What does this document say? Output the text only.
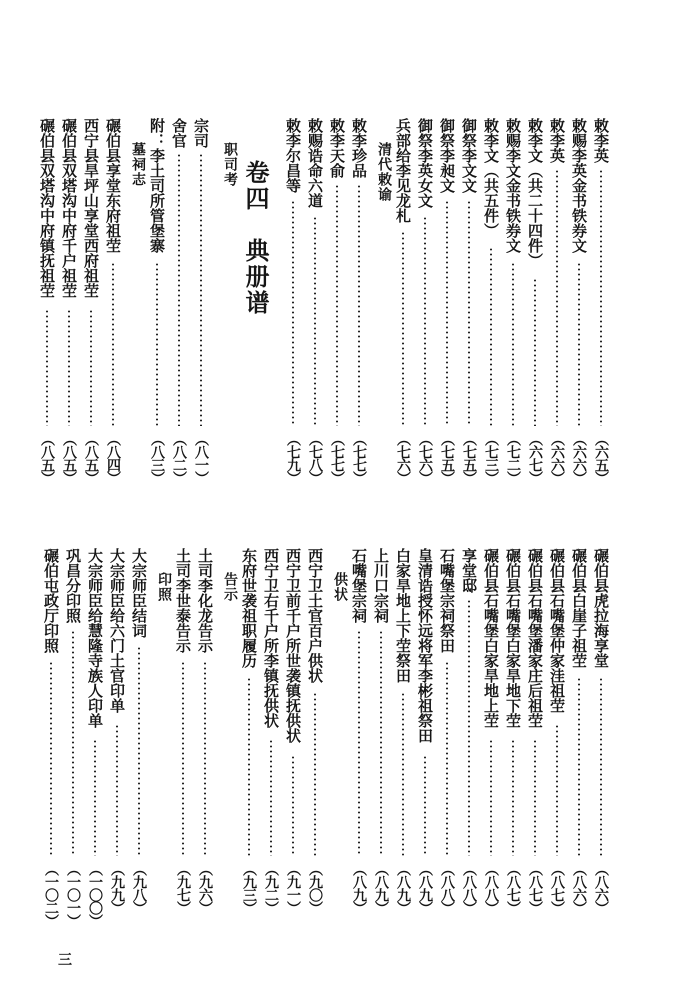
敕李英
（六五）
敕赐李英金书铁券文
（六六）
敕李英
（六六）
敕李文（共二十四件）
（六七）
敕赐李文金书铁券文
（七二）
敕李文（共五件）
（七三）
御祭李文文
（七五）
御祭李昶文
（七五）
御祭李英女文
（七六）
兵部给李见龙札
（七六）
清代敕谕
敕李珍品
（七七）
敕李天俞
（七七）
敕赐诰命六道
（七八）
敕李尔昌等
（七九）
卷四　典册谱
职司考
宗司
（八一）
舍官
（八二）
附：李土司所管堡寨
（八三）
墓祠志
碾伯县享堂东府祖茔
（八四）
西宁县旱坪山享堂西府祖茔
（八五）
碾伯县双塔沟中府千户祖茔
（八五）
碾伯县双塔沟中府镇抚祖茔
（八五）
碾伯县虎拉海享堂
（八六）
碾伯县白崖子祖茔
（八六）
碾伯县石嘴堡仲家洼祖茔
（八七）
碾伯县石嘴堡潘家庄后祖茔
（八七）
碾伯县石嘴堡白家旱地下茔
（八七）
碾伯县石嘴堡白家旱地上茔
（八八）
享堂邸
（八八）
石嘴堡宗祠祭田
（八八）
皇清诰授怀远将军李彬祖祭田
（八九）
白家旱地上下茔祭田
（八九）
上川口宗祠
（八九）
石嘴堡宗祠
（八九）
供状
西宁卫土官百户供状
（九〇）
西宁卫前千户所世袭镇抚供状
（九一）
西宁卫右千户所李镇抚供状
（九二）
东府世袭祖职履历
（九三）
告示
土司李化龙告示
（九六）
土司李世泰告示
（九七）
印照
大宗师臣结词
（九八）
大宗师臣给六门土官印单
（九九）
大宗师臣给慧隆寺族人印单
（一〇〇）
巩昌分印照
（一〇一）
碾伯屯政厅印照
（一〇二）
三
